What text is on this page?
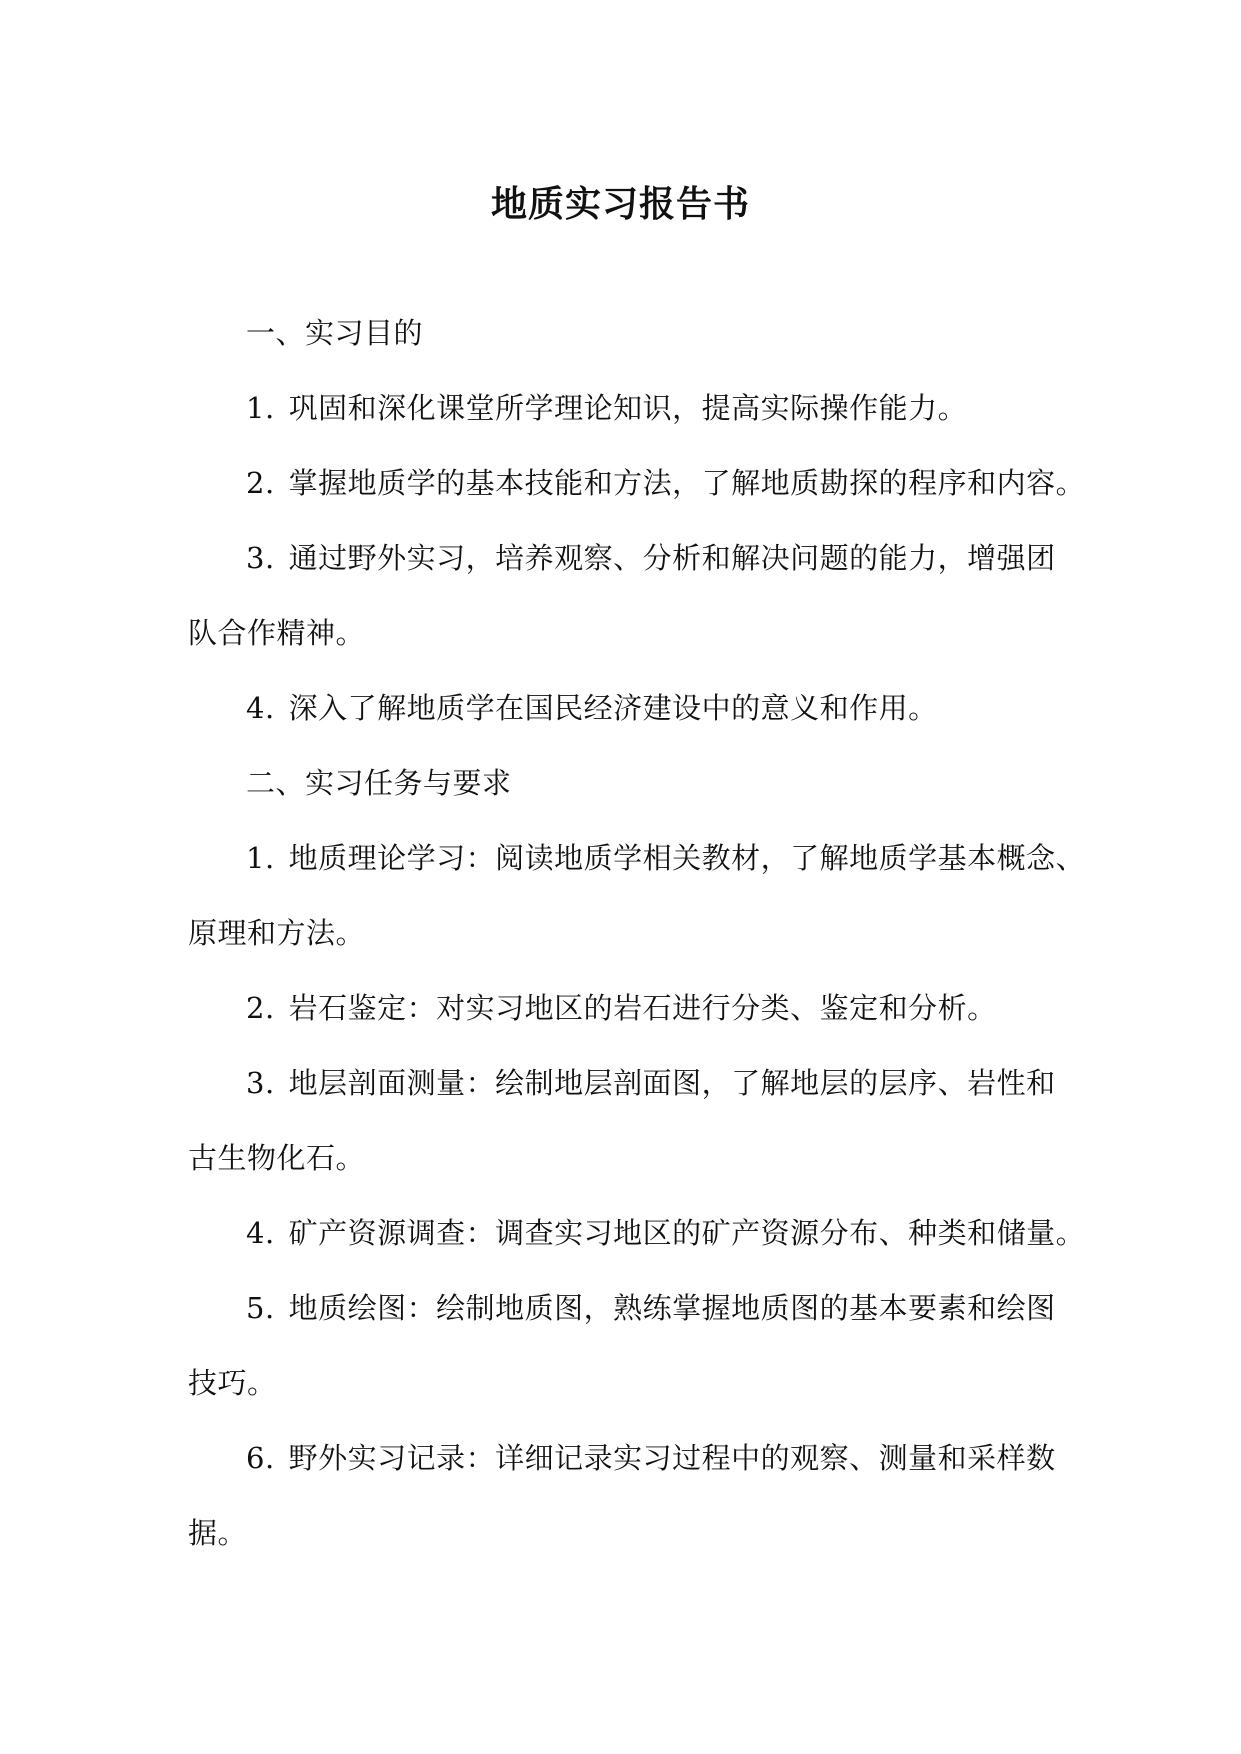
地质实习报告书
一、实习目的
1. 巩固和深化课堂所学理论知识，提高实际操作能力。
2. 掌握地质学的基本技能和方法，了解地质勘探的程序和内容。
3. 通过野外实习，培养观察、分析和解决问题的能力，增强团
队合作精神。
4. 深入了解地质学在国民经济建设中的意义和作用。
二、实习任务与要求
1. 地质理论学习：阅读地质学相关教材，了解地质学基本概念、
原理和方法。
2. 岩石鉴定：对实习地区的岩石进行分类、鉴定和分析。
3. 地层剖面测量：绘制地层剖面图，了解地层的层序、岩性和
古生物化石。
4. 矿产资源调查：调查实习地区的矿产资源分布、种类和储量。
5. 地质绘图：绘制地质图，熟练掌握地质图的基本要素和绘图
技巧。
6. 野外实习记录：详细记录实习过程中的观察、测量和采样数
据。
